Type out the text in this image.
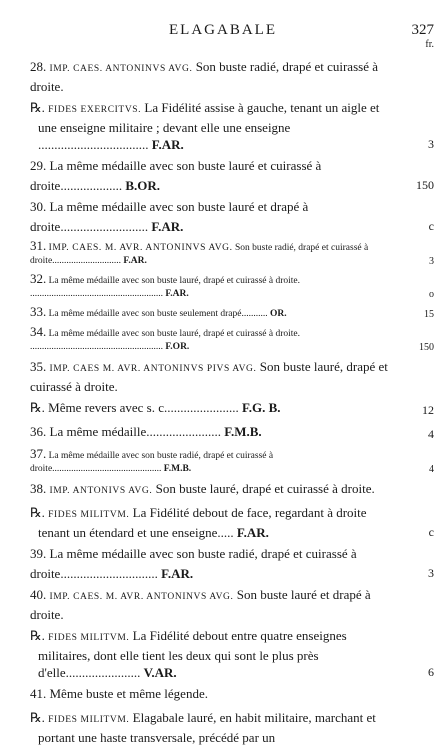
ELAGABALE	327
fr.

28. IMP. CAES. ANTONINVS AVG. Son buste radié, drapé et cuirassé à droite.

℞. FIDES EXERCITVS. La Fidélité assise à gauche, tenant un aigle et une enseigne militaire ; devant elle une enseigne .................................. F.AR.	3

29. La même médaille avec son buste lauré et cuirassé à droite................... B.OR.	150

30. La même médaille avec son buste lauré et drapé à droite........................... F.AR.	c

31. IMP. CAES. M. AVR. ANTONINVS AVG. Son buste radié, drapé et cuirassé à droite............................. F.AR.	3

32. La même médaille avec son buste lauré, drapé et cuirassé à droite. ........................................................ F.AR.	o

33. La même médaille avec son buste seulement drapé........... OR.	15

34. La même médaille avec son buste lauré, drapé et cuirassé à droite. ........................................................ F.OR.	150

35. IMP. CAES M. AVR. ANTONINVS PIVS AVG. Son buste lauré, drapé et cuirassé à droite.

℞. Même revers avec s. c....................... F.G. B.	12

36. La même médaille....................... F.M.B.	4

37. La même médaille avec son buste radié, drapé et cuirassé à droite.............................................. F.M.B.	4

38. IMP. ANTONIVS AVG. Son buste lauré, drapé et cuirassé à droite.

℞. FIDES MILITVM. La Fidélité debout de face, regardant à droite tenant un étendard et une enseigne..... F.AR.	c

39. La même médaille avec son buste radié, drapé et cuirassé à droite.............................. F.AR.	3

40. IMP. CAES. M. AVR. ANTONINVS AVG. Son buste lauré et drapé à droite.

℞. FIDES MILITVM. La Fidélité debout entre quatre enseignes militaires, dont elle tient les deux qui sont le plus près d'elle....................... V.AR.	6

41. Même buste et même légende.

℞. FIDES MILITVM. Elagabale lauré, en habit militaire, marchant et portant une haste transversale, précédé par un
